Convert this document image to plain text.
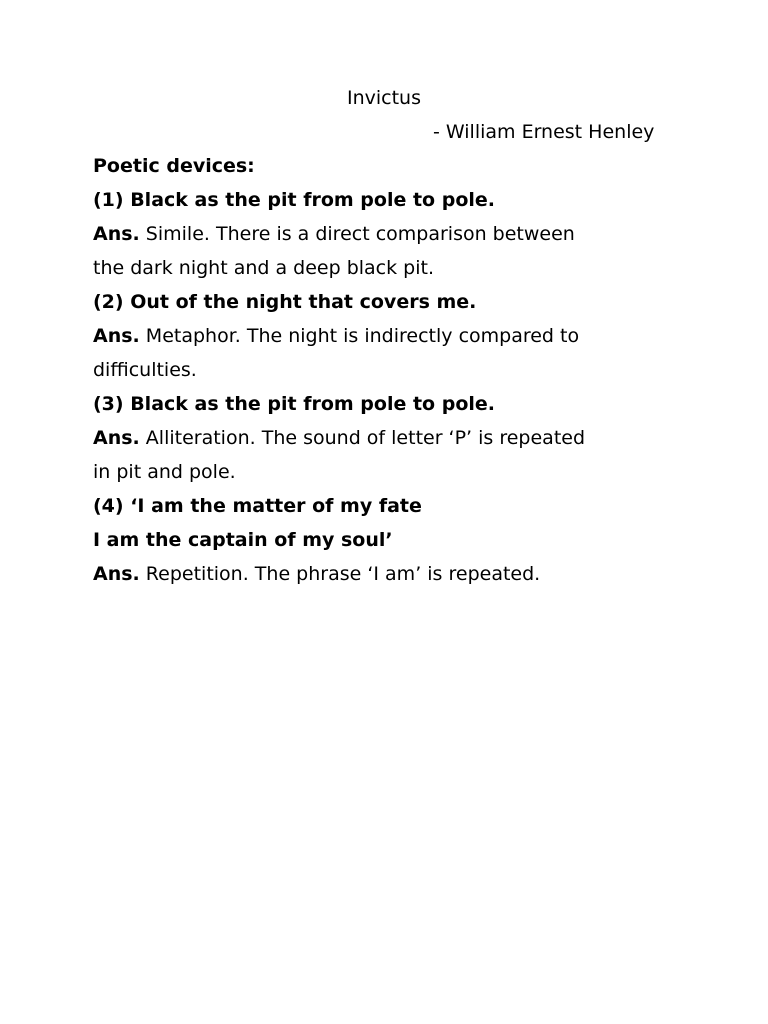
Invictus
- William Ernest Henley
Poetic devices:
(1) Black as the pit from pole to pole.
Ans. Simile. There is a direct comparison between
the dark night and a deep black pit.
(2) Out of the night that covers me.
Ans. Metaphor. The night is indirectly compared to
difficulties.
(3) Black as the pit from pole to pole.
Ans. Alliteration. The sound of letter ‘P’ is repeated
in pit and pole.
(4) ‘I am the matter of my fate
I am the captain of my soul’
Ans. Repetition. The phrase ‘I am’ is repeated.
